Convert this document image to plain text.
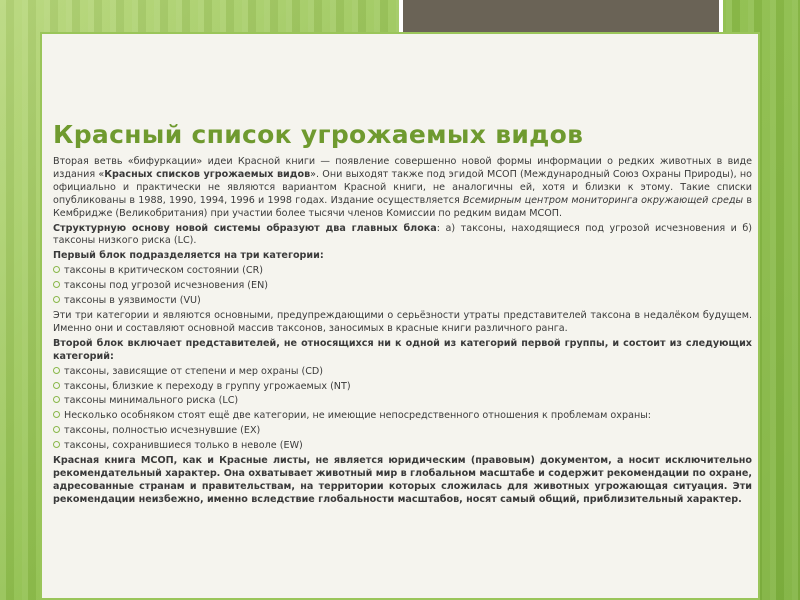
Красный список угрожаемых видов

Вторая ветвь «бифуркации» идеи Красной книги — появление совершенно новой формы информации о редких животных в виде издания «Красных списков угрожаемых видов». Они выходят также под эгидой МСОП (Международный Союз Охраны Природы), но официально и практически не являются вариантом Красной книги, не аналогичны ей, хотя и близки к этому. Такие списки опубликованы в 1988, 1990, 1994, 1996 и 1998 годах. Издание осуществляется Всемирным центром мониторинга окружающей среды в Кембридже (Великобритания) при участии более тысячи членов Комиссии по редким видам МСОП.

Структурную основу новой системы образуют два главных блока: а) таксоны, находящиеся под угрозой исчезновения и б) таксоны низкого риска (LC).

Первый блок подразделяется на три категории:

таксоны в критическом состоянии (CR)
таксоны под угрозой исчезновения (EN)
таксоны в уязвимости (VU)

Эти три категории и являются основными, предупреждающими о серьёзности утраты представителей таксона в недалёком будущем. Именно они и составляют основной массив таксонов, заносимых в красные книги различного ранга.

Второй блок включает представителей, не относящихся ни к одной из категорий первой группы, и состоит из следующих категорий:

таксоны, зависящие от степени и мер охраны (CD)
таксоны, близкие к переходу в группу угрожаемых (NT)
таксоны минимального риска (LC)
Несколько особняком стоят ещё две категории, не имеющие непосредственного отношения к проблемам охраны:
таксоны, полностью исчезнувшие (EX)
таксоны, сохранившиеся только в неволе (EW)

Красная книга МСОП, как и Красные листы, не является юридическим (правовым) документом, а носит исключительно рекомендательный характер. Она охватывает животный мир в глобальном масштабе и содержит рекомендации по охране, адресованные странам и правительствам, на территории которых сложилась для животных угрожающая ситуация. Эти рекомендации неизбежно, именно вследствие глобальности масштабов, носят самый общий, приблизительный характер.
